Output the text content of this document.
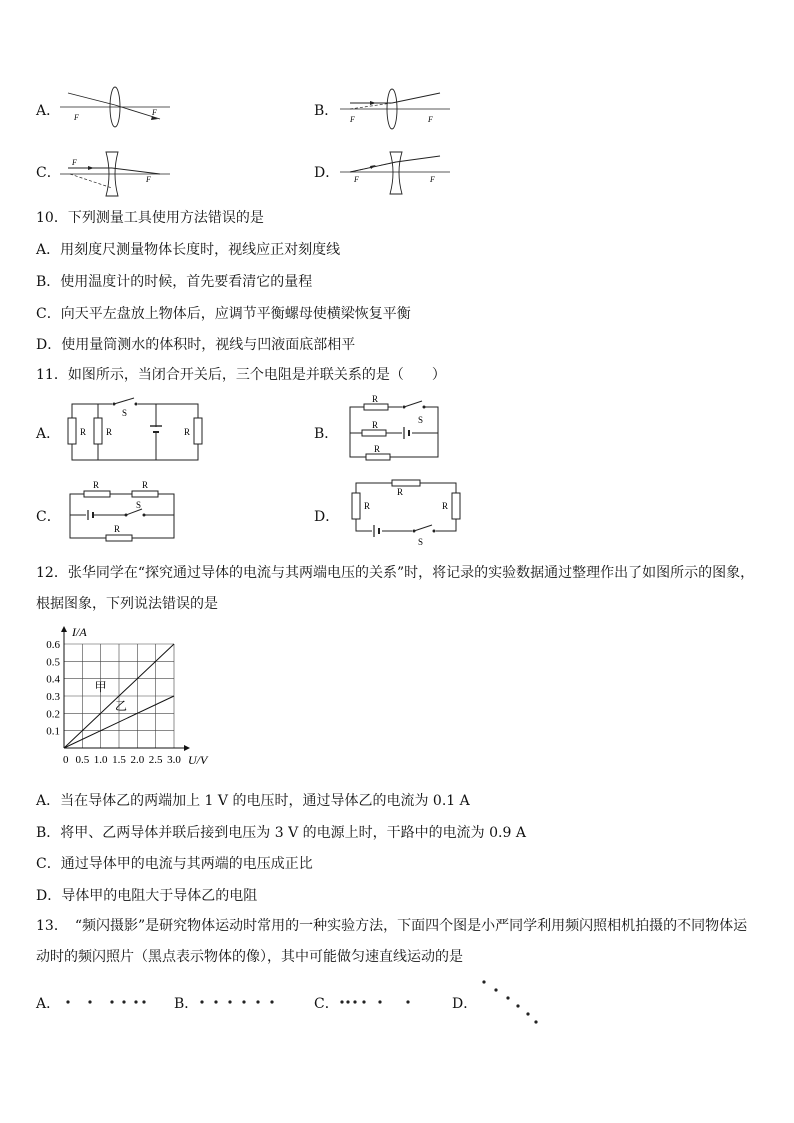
A． F
F	B．
F	F
C．
F
F	D． F	F
10．下列测量工具使用方法错误的是
A．用刻度尺测量物体长度时，视线应正对刻度线
B．使用温度计的时候，首先要看清它的量程
C．向天平左盘放上物体后，应调节平衡螺母使横梁恢复平衡
D．使用量筒测水的体积时，视线与凹液面底部相平
11．如图所示，当闭合开关后，三个电阻是并联关系的是（　　）
A． R R	R
S
B．
R
R
R
S
C．
R	R
S
R
D．
R	R
R
S
12．张华同学在“探究通过导体的电流与其两端电压的关系”时，将记录的实验数据通过整理作出了如图所示的图象，
根据图象，下列说法错误的是
0.1
0.2
0.3
0.4
0.5
0.6
0 0.5 1.0 1.5 2.0 2.5 3.0
I/A
U/V
甲
乙
A．当在导体乙的两端加上 1 V 的电压时，通过导体乙的电流为 0.1 A
B．将甲、乙两导体并联后接到电压为 3 V 的电源上时，干路中的电流为 0.9 A
C．通过导体甲的电流与其两端的电压成正比
D．导体甲的电阻大于导体乙的电阻
13．　“频闪摄影”是研究物体运动时常用的一种实验方法，下面四个图是小严同学利用频闪照相机拍摄的不同物体运
动时的频闪照片（黑点表示物体的像），其中可能做匀速直线运动的是
A．	B．	C．	D．
